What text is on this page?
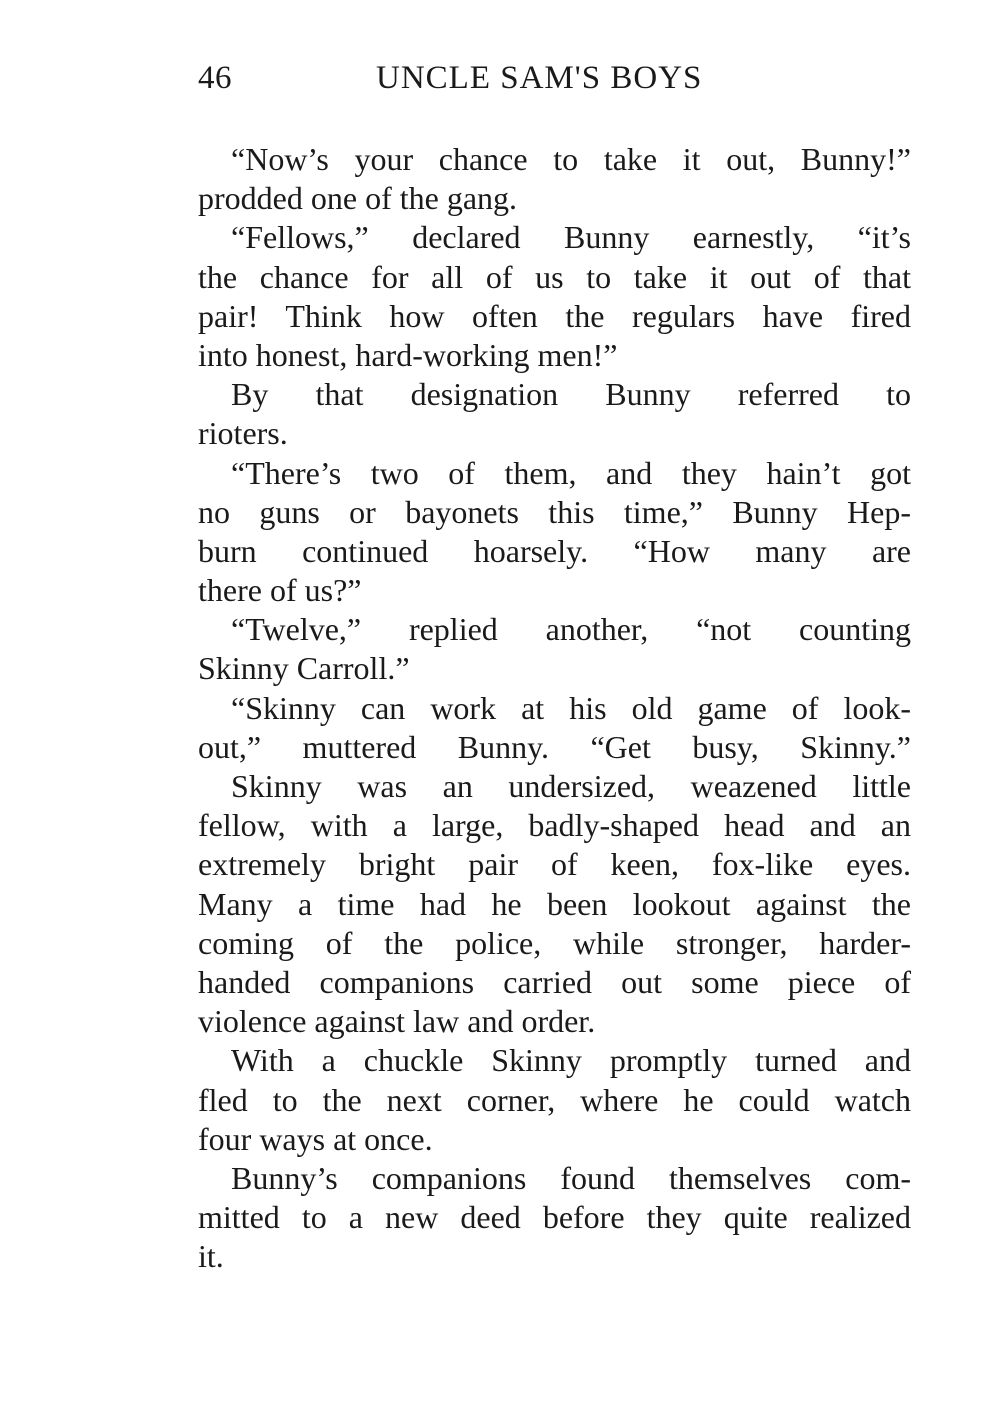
46	UNCLE SAM'S BOYS
“Now’s your chance to take it out, Bunny!”
prodded one of the gang.
“Fellows,” declared Bunny earnestly, “it’s
the chance for all of us to take it out of that
pair! Think how often the regulars have fired
into honest, hard-working men!”
By that designation Bunny referred to
rioters.
“There’s two of them, and they hain’t got
no guns or bayonets this time,” Bunny Hep-
burn continued hoarsely. “How many are
there of us?”
“Twelve,” replied another, “not counting
Skinny Carroll.”
“Skinny can work at his old game of look-
out,” muttered Bunny. “Get busy, Skinny.”
Skinny was an undersized, weazened little
fellow, with a large, badly-shaped head and an
extremely bright pair of keen, fox-like eyes.
Many a time had he been lookout against the
coming of the police, while stronger, harder-
handed companions carried out some piece of
violence against law and order.
With a chuckle Skinny promptly turned and
fled to the next corner, where he could watch
four ways at once.
Bunny’s companions found themselves com-
mitted to a new deed before they quite realized
it.
